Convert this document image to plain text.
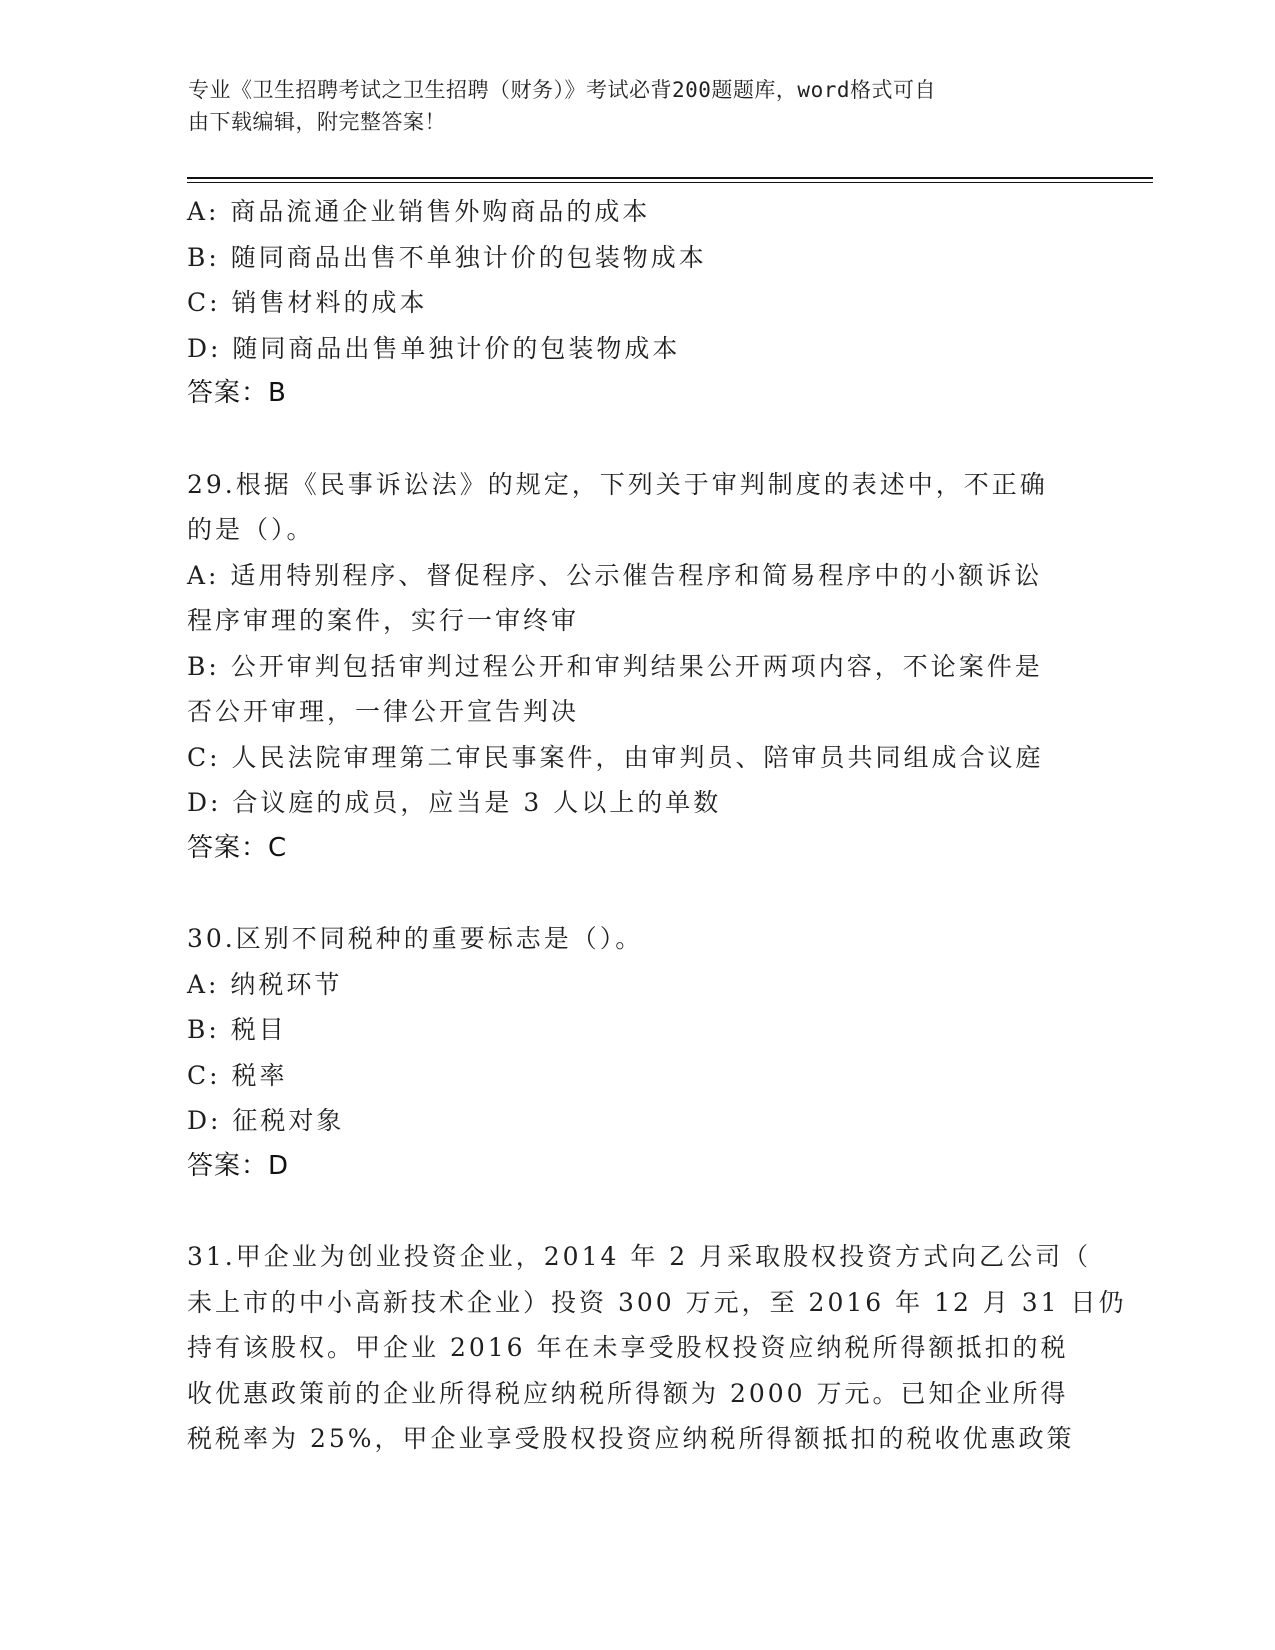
专业《卫生招聘考试之卫生招聘（财务）》考试必背200题题库，word格式可自
由下载编辑，附完整答案！
A: 商品流通企业销售外购商品的成本
B: 随同商品出售不单独计价的包装物成本
C: 销售材料的成本
D: 随同商品出售单独计价的包装物成本
答案：B
29.根据《民事诉讼法》的规定，下列关于审判制度的表述中，不正确
的是（）。
A: 适用特别程序、督促程序、公示催告程序和简易程序中的小额诉讼
程序审理的案件，实行一审终审
B: 公开审判包括审判过程公开和审判结果公开两项内容，不论案件是
否公开审理，一律公开宣告判决
C: 人民法院审理第二审民事案件，由审判员、陪审员共同组成合议庭
D: 合议庭的成员，应当是 3 人以上的单数
答案：C
30.区别不同税种的重要标志是（）。
A: 纳税环节
B: 税目
C: 税率
D: 征税对象
答案：D
31.甲企业为创业投资企业，2014 年 2 月采取股权投资方式向乙公司（
未上市的中小高新技术企业）投资 300 万元，至 2016 年 12 月 31 日仍
持有该股权。甲企业 2016 年在未享受股权投资应纳税所得额抵扣的税
收优惠政策前的企业所得税应纳税所得额为 2000 万元。已知企业所得
税税率为 25%，甲企业享受股权投资应纳税所得额抵扣的税收优惠政策
